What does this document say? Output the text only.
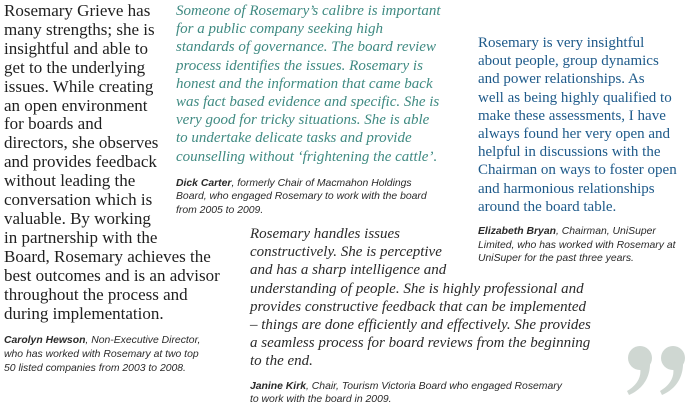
Rosemary Grieve has
many strengths; she is
insightful and able to
get to the underlying
issues. While creating
an open environment
for boards and
directors, she observes
and provides feedback
without leading the
conversation which is
valuable. By working
in partnership with the
Board, Rosemary achieves the
best outcomes and is an advisor
throughout the process and
during implementation.

Carolyn Hewson, Non-Executive Director,
who has worked with Rosemary at two top
50 listed companies from 2003 to 2008.

Someone of Rosemary’s calibre is important
for a public company seeking high
standards of governance. The board review
process identifies the issues. Rosemary is
honest and the information that came back
was fact based evidence and specific. She is
very good for tricky situations. She is able
to undertake delicate tasks and provide
counselling without ‘frightening the cattle’.

Dick Carter, formerly Chair of Macmahon Holdings
Board, who engaged Rosemary to work with the board
from 2005 to 2009.

Rosemary is very insightful
about people, group dynamics
and power relationships. As
well as being highly qualified to
make these assessments, I have
always found her very open and
helpful in discussions with the
Chairman on ways to foster open
and harmonious relationships
around the board table.

Elizabeth Bryan, Chairman, UniSuper
Limited, who has worked with Rosemary at
UniSuper for the past three years.

Rosemary handles issues
constructively. She is perceptive
and has a sharp intelligence and
understanding of people. She is highly professional and
provides constructive feedback that can be implemented
– things are done efficiently and effectively. She provides
a seamless process for board reviews from the beginning
to the end.

Janine Kirk, Chair, Tourism Victoria Board who engaged Rosemary
to work with the board in 2009.
